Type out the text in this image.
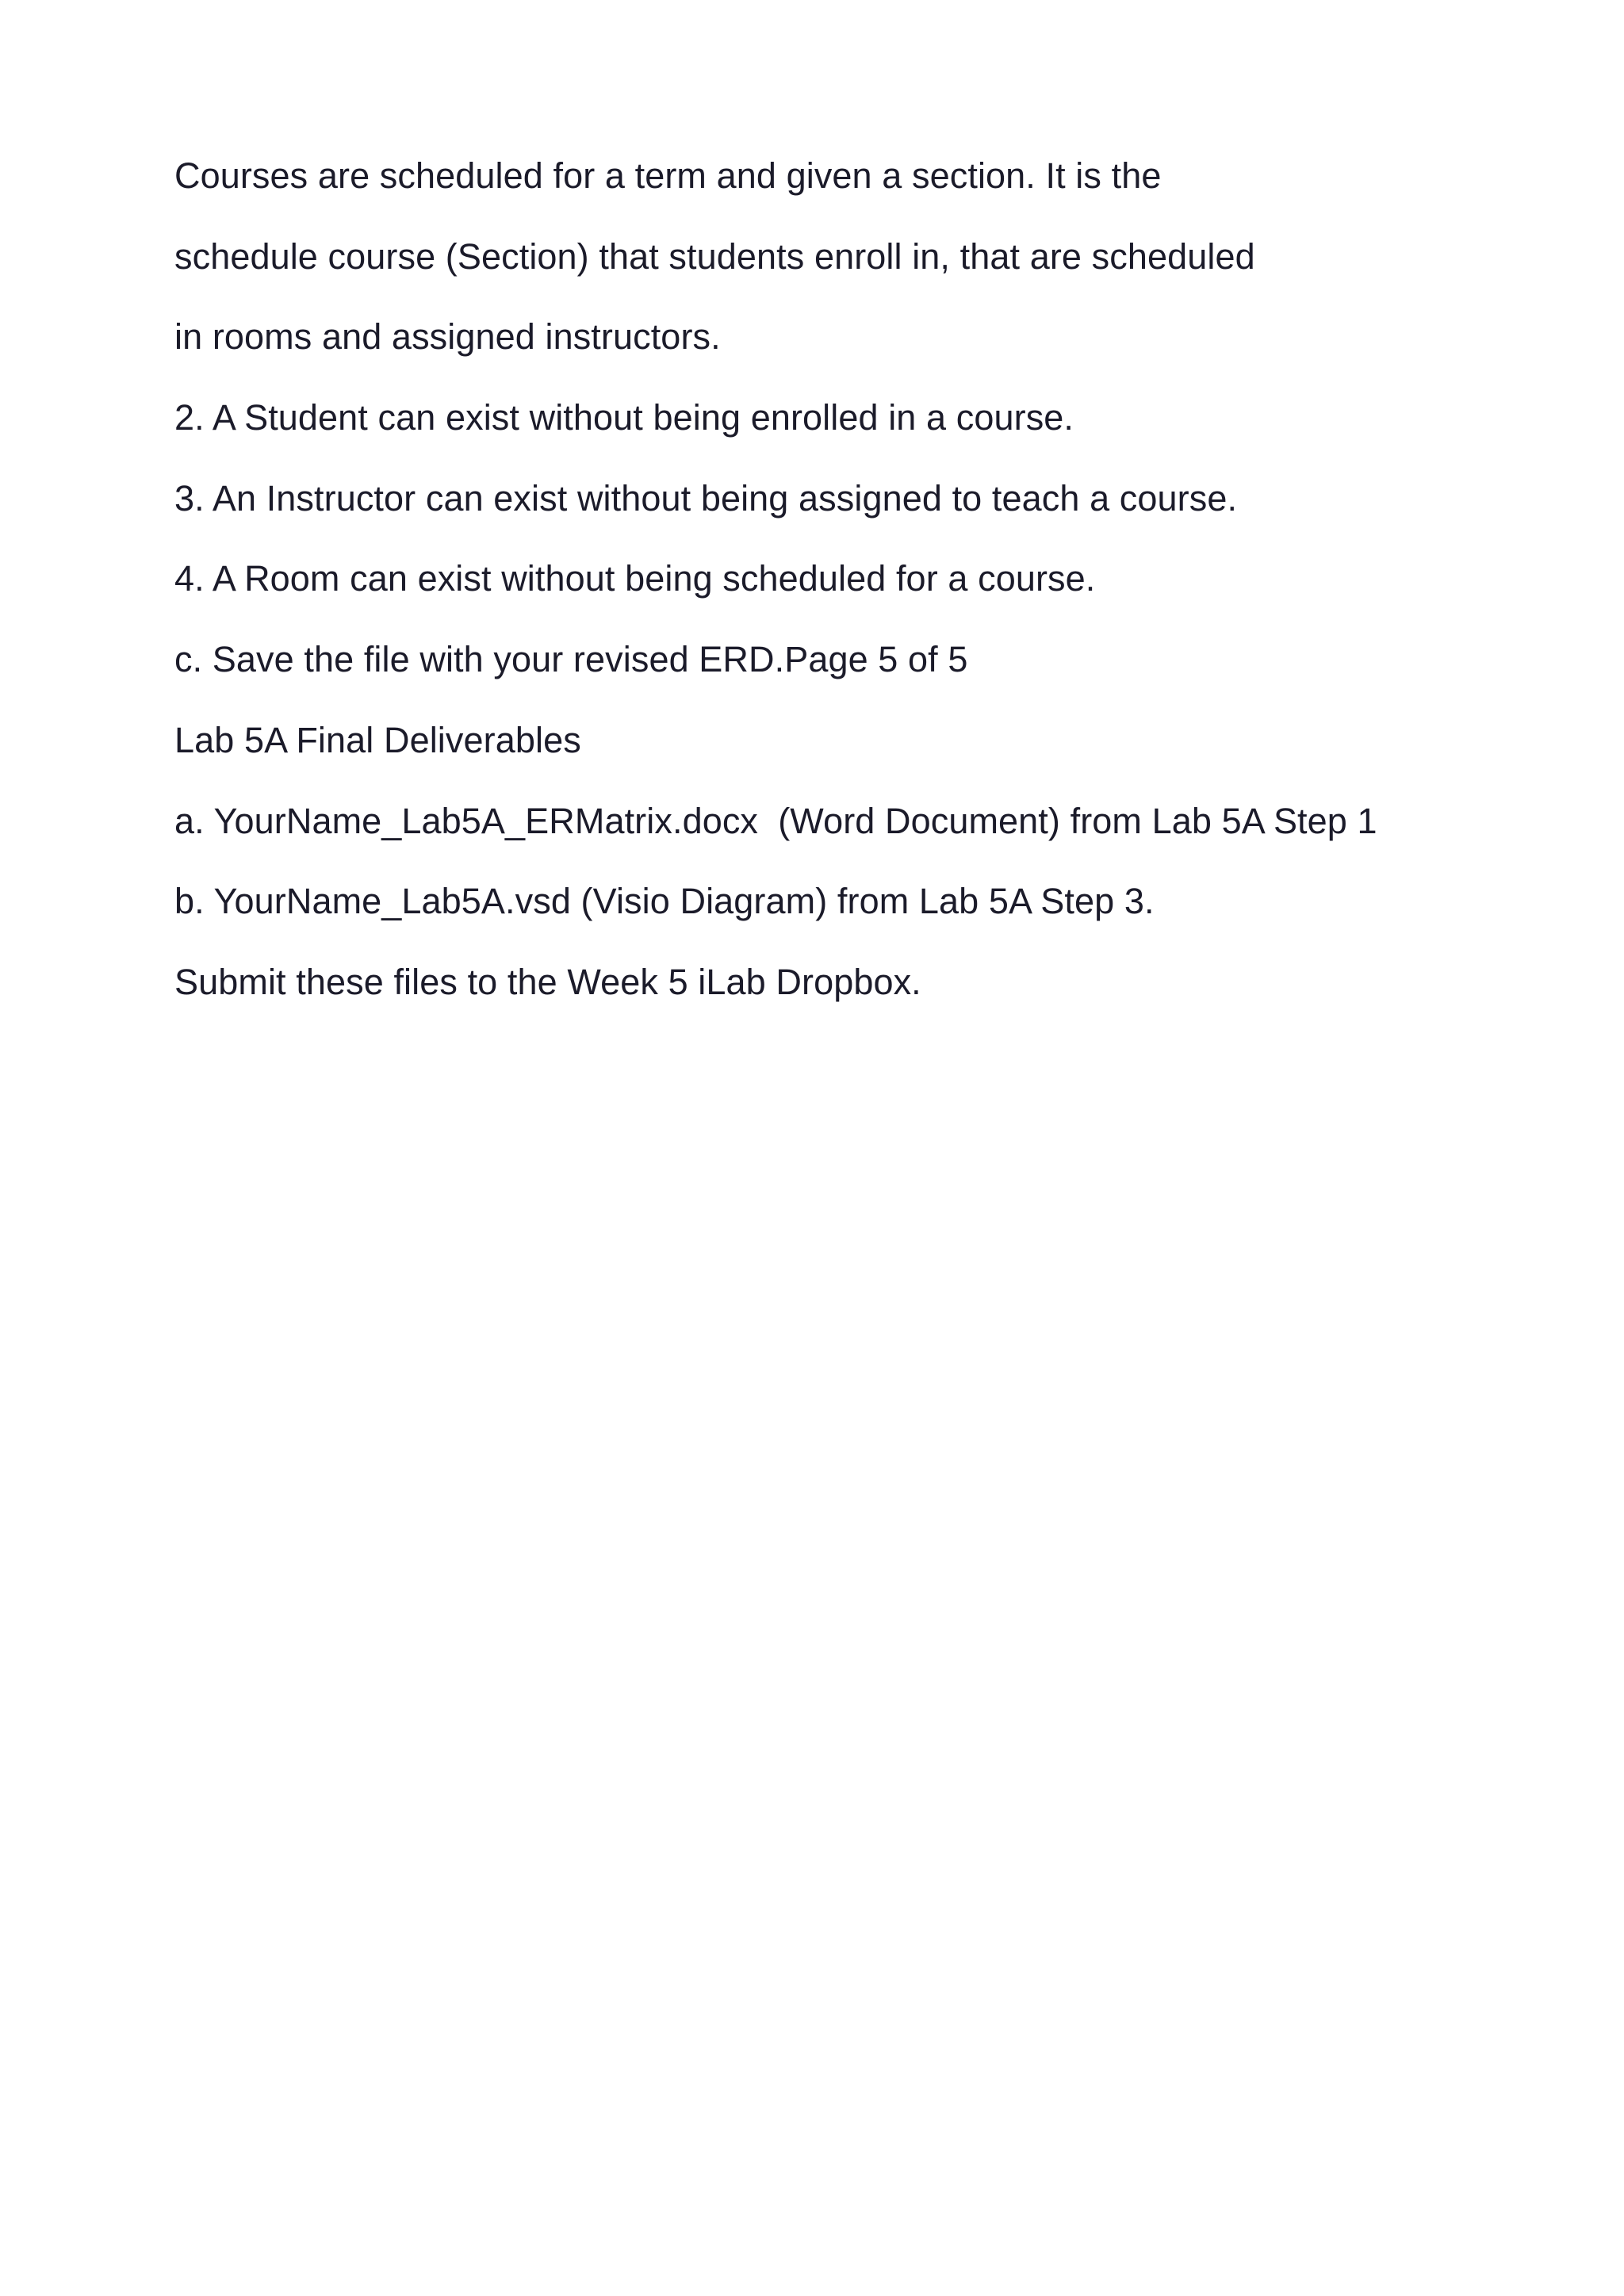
Courses are scheduled for a term and given a section. It is the

schedule course (Section) that students enroll in, that are scheduled

in rooms and assigned instructors.

2. A Student can exist without being enrolled in a course.

3. An Instructor can exist without being assigned to teach a course.

4. A Room can exist without being scheduled for a course.

c. Save the file with your revised ERD.Page 5 of 5

Lab 5A Final Deliverables

a. YourName_Lab5A_ERMatrix.docx  (Word Document) from Lab 5A Step 1

b. YourName_Lab5A.vsd (Visio Diagram) from Lab 5A Step 3.

Submit these files to the Week 5 iLab Dropbox.
